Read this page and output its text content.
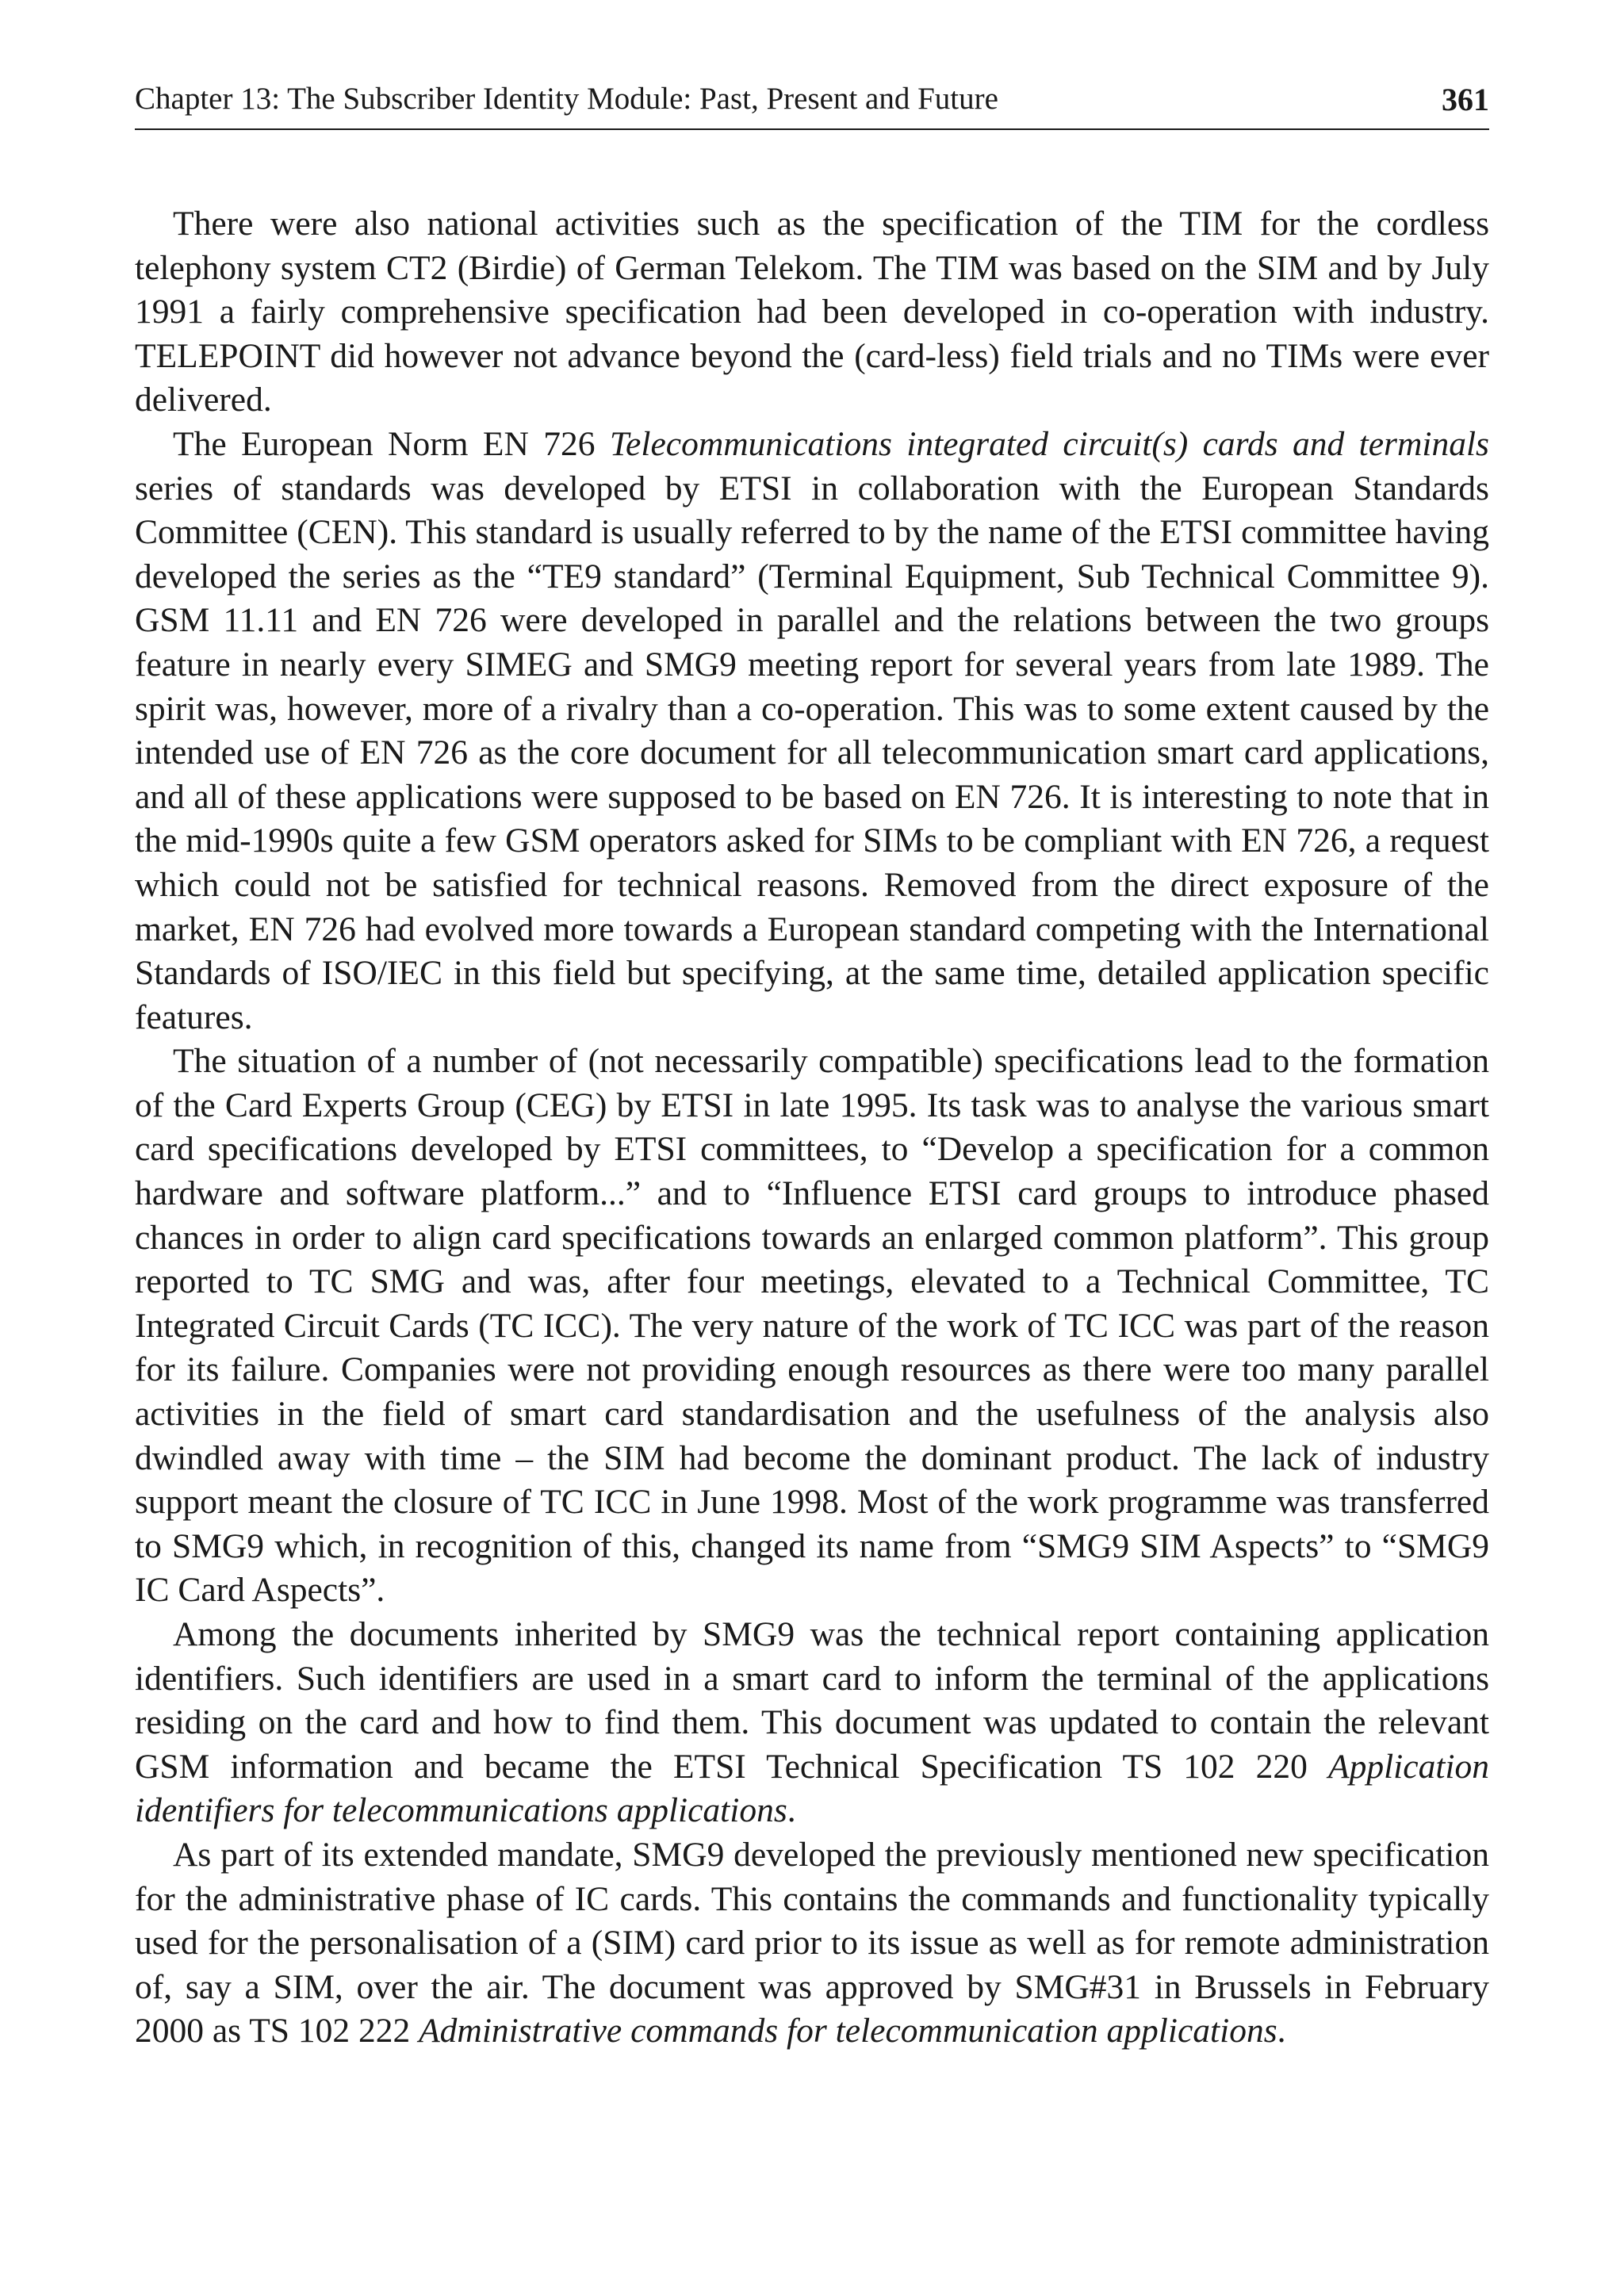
Chapter 13: The Subscriber Identity Module: Past, Present and Future	361

There were also national activities such as the specification of the TIM for the cordless telephony system CT2 (Birdie) of German Telekom. The TIM was based on the SIM and by July 1991 a fairly comprehensive specification had been developed in co-operation with industry. TELEPOINT did however not advance beyond the (card-less) field trials and no TIMs were ever delivered.

The European Norm EN 726 Telecommunications integrated circuit(s) cards and terminals series of standards was developed by ETSI in collaboration with the European Standards Committee (CEN). This standard is usually referred to by the name of the ETSI committee having developed the series as the “TE9 standard” (Terminal Equipment, Sub Technical Committee 9). GSM 11.11 and EN 726 were developed in parallel and the relations between the two groups feature in nearly every SIMEG and SMG9 meeting report for several years from late 1989. The spirit was, however, more of a rivalry than a co-operation. This was to some extent caused by the intended use of EN 726 as the core document for all telecommunication smart card applications, and all of these applications were supposed to be based on EN 726. It is interesting to note that in the mid-1990s quite a few GSM operators asked for SIMs to be compliant with EN 726, a request which could not be satisfied for technical reasons. Removed from the direct exposure of the market, EN 726 had evolved more towards a European standard competing with the International Standards of ISO/IEC in this field but specifying, at the same time, detailed application specific features.

The situation of a number of (not necessarily compatible) specifications lead to the formation of the Card Experts Group (CEG) by ETSI in late 1995. Its task was to analyse the various smart card specifications developed by ETSI committees, to “Develop a specification for a common hardware and software platform...” and to “Influence ETSI card groups to introduce phased chances in order to align card specifications towards an enlarged common platform”. This group reported to TC SMG and was, after four meetings, elevated to a Technical Committee, TC Integrated Circuit Cards (TC ICC). The very nature of the work of TC ICC was part of the reason for its failure. Companies were not providing enough resources as there were too many parallel activities in the field of smart card standardisation and the usefulness of the analysis also dwindled away with time – the SIM had become the dominant product. The lack of industry support meant the closure of TC ICC in June 1998. Most of the work programme was transferred to SMG9 which, in recognition of this, changed its name from “SMG9 SIM Aspects” to “SMG9 IC Card Aspects”.

Among the documents inherited by SMG9 was the technical report containing application identifiers. Such identifiers are used in a smart card to inform the terminal of the applications residing on the card and how to find them. This document was updated to contain the relevant GSM information and became the ETSI Technical Specification TS 102 220 Application identifiers for telecommunications applications.

As part of its extended mandate, SMG9 developed the previously mentioned new specification for the administrative phase of IC cards. This contains the commands and functionality typically used for the personalisation of a (SIM) card prior to its issue as well as for remote administration of, say a SIM, over the air. The document was approved by SMG#31 in Brussels in February 2000 as TS 102 222 Administrative commands for telecommunication applications.
